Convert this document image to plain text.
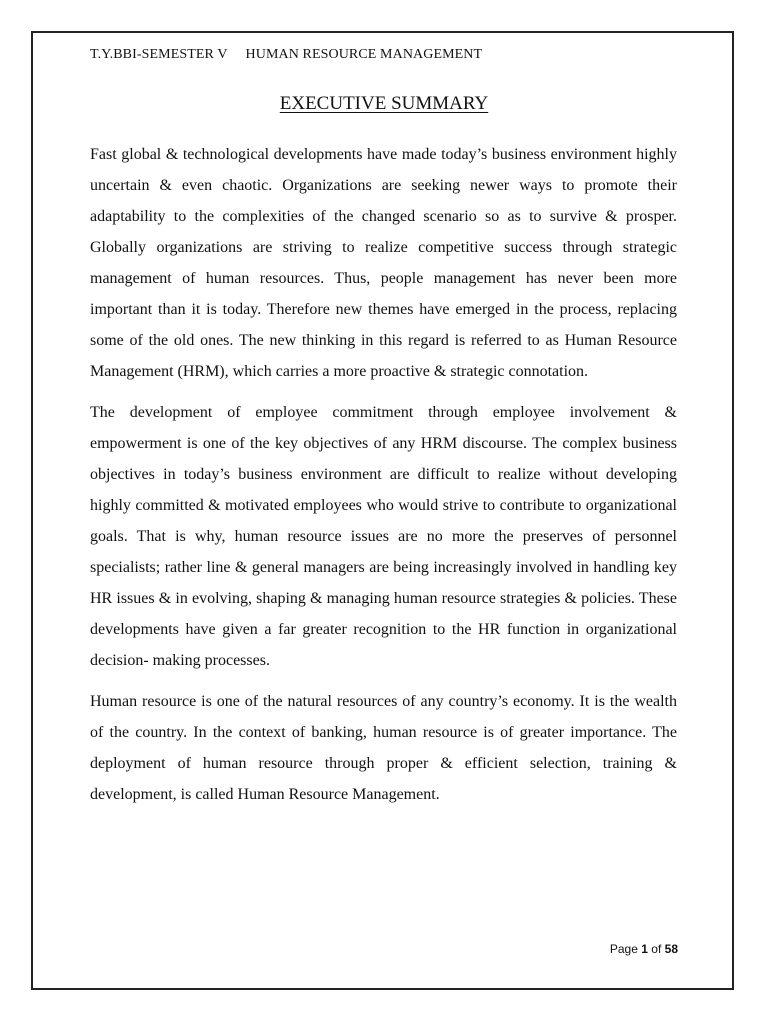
T.Y.BBI-SEMESTER V HUMAN RESOURCE MANAGEMENT
EXECUTIVE SUMMARY

Fast global & technological developments have made today’s business environment highly uncertain & even chaotic. Organizations are seeking newer ways to promote their adaptability to the complexities of the changed scenario so as to survive & prosper. Globally organizations are striving to realize competitive success through strategic management of human resources. Thus, people management has never been more important than it is today. Therefore new themes have emerged in the process, replacing some of the old ones. The new thinking in this regard is referred to as Human Resource Management (HRM), which carries a more proactive & strategic connotation.

The development of employee commitment through employee involvement & empowerment is one of the key objectives of any HRM discourse. The complex business objectives in today’s business environment are difficult to realize without developing highly committed & motivated employees who would strive to contribute to organizational goals. That is why, human resource issues are no more the preserves of personnel specialists; rather line & general managers are being increasingly involved in handling key HR issues & in evolving, shaping & managing human resource strategies & policies. These developments have given a far greater recognition to the HR function in organizational decision- making processes.

Human resource is one of the natural resources of any country’s economy. It is the wealth of the country. In the context of banking, human resource is of greater importance. The deployment of human resource through proper & efficient selection, training & development, is called Human Resource Management.

Page 1 of 58
